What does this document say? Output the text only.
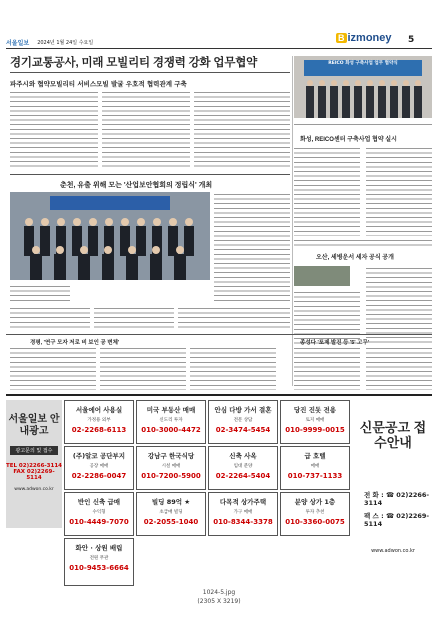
서울일보 2024년 1월 24일 수요일	B izmoney 5
경기교통공사, 미래 모빌리티 경쟁력 강화 업무협약
파주시와 협약모빌리티 서비스모빌 발굴 우호적 협력관계 구축
REICO 화성 구축사업 업무 협약식
화성, REICO센터 구축사업 협약 실시
춘천, 유출 위해 모는 '산업보안협회의 정립식' 개최
오산, 세병운서 세자 공식 공개
경평, '연구 모자 저로 비 보인 공 변체'	종성다 '포제 발진 등 '5' 고무'
서울일보 안내광고
광고문의 및 접수
TEL 02)2266-3114
FAX 02)2269-5114
www.adwon.co.kr
서울에어 사용실
가정용 외부
02-2268-6113
미국 부동산 매매
신도리 투자
010-3000-4472
안심 다방 가서 결혼
전문 상담
02-3474-5454
당진 진돗 전용
토지 매매
010-9999-0015
(주)알코 공단부지
공장 매매
02-2286-0047
강남구 한국식당
시설 매매
010-7200-5900
신축 사옥
임대 분양
02-2264-5404
급 호텔
매매
010-737-1133
반인 신축 급매
수익형
010-4449-7070
빌딩 89억 ★
초급매 빌딩
02-2055-1040
다목적 상가주택
가구 매매
010-8344-3378
분양 상가 1층
투자 추천
010-3360-0075
화안 · 상원 배립
전원 무관
010-9453-6664
신문공고 접수안내
전 화 : ☎ 02)2266-3114
팩 스 : ☎ 02)2269-5114
www.adwon.co.kr
1024-5.jpg
(2305 X 3219)
